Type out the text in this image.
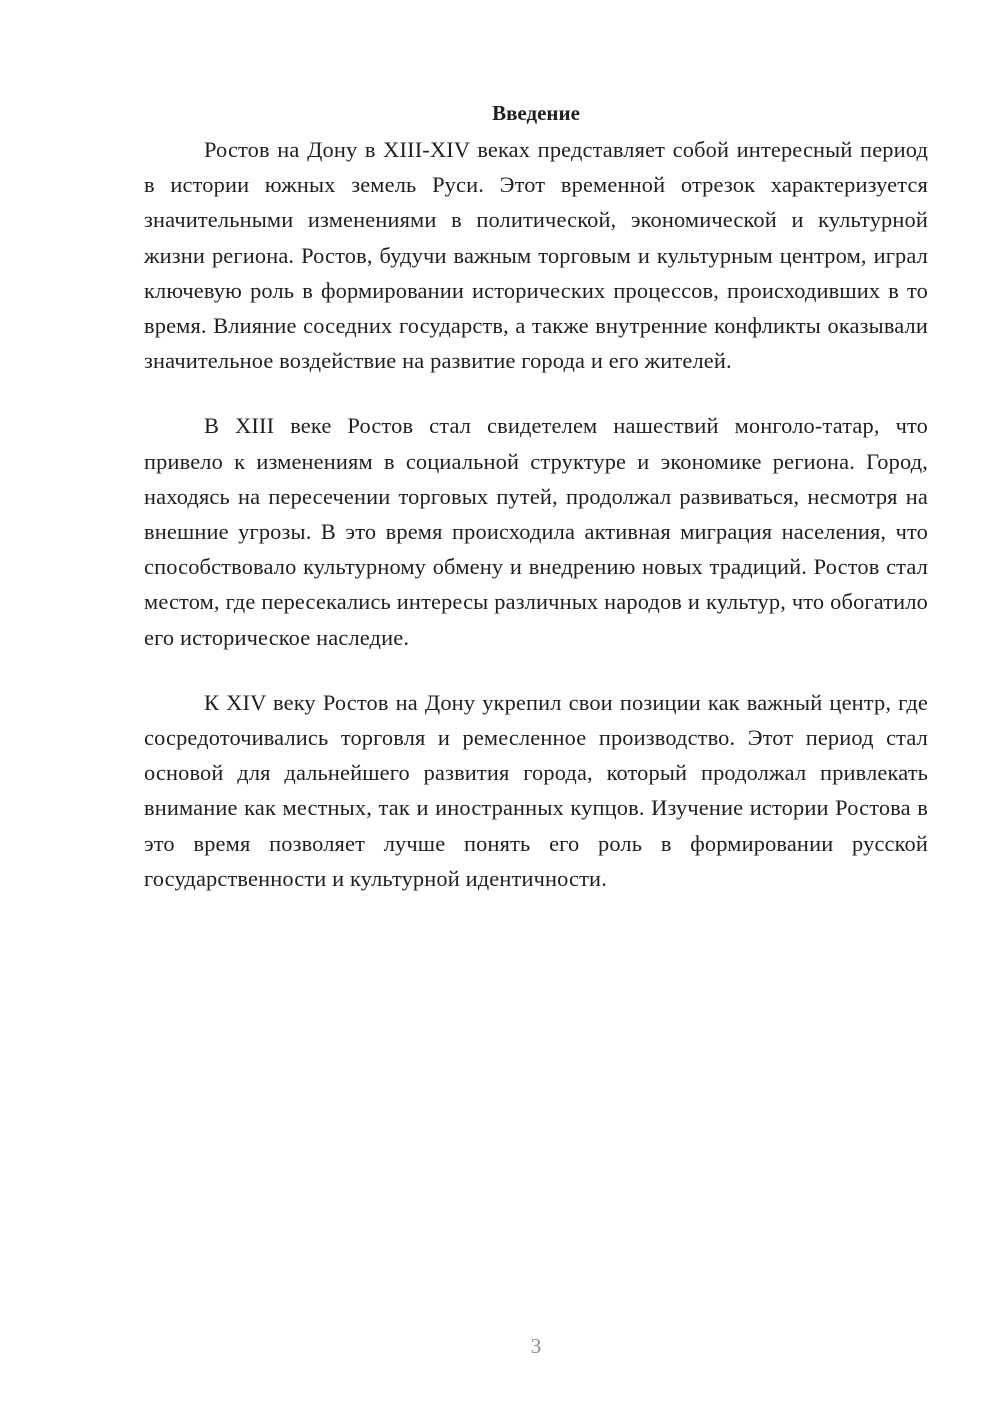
Введение

Ростов на Дону в XIII-XIV веках представляет собой интересный период в истории южных земель Руси. Этот временной отрезок характеризуется значительными изменениями в политической, экономической и культурной жизни региона. Ростов, будучи важным торговым и культурным центром, играл ключевую роль в формировании исторических процессов, происходивших в то время. Влияние соседних государств, а также внутренние конфликты оказывали значительное воздействие на развитие города и его жителей.

В XIII веке Ростов стал свидетелем нашествий монголо-татар, что привело к изменениям в социальной структуре и экономике региона. Город, находясь на пересечении торговых путей, продолжал развиваться, несмотря на внешние угрозы. В это время происходила активная миграция населения, что способствовало культурному обмену и внедрению новых традиций. Ростов стал местом, где пересекались интересы различных народов и культур, что обогатило его историческое наследие.

К XIV веку Ростов на Дону укрепил свои позиции как важный центр, где сосредоточивались торговля и ремесленное производство. Этот период стал основой для дальнейшего развития города, который продолжал привлекать внимание как местных, так и иностранных купцов. Изучение истории Ростова в это время позволяет лучше понять его роль в формировании русской государственности и культурной идентичности.

3
